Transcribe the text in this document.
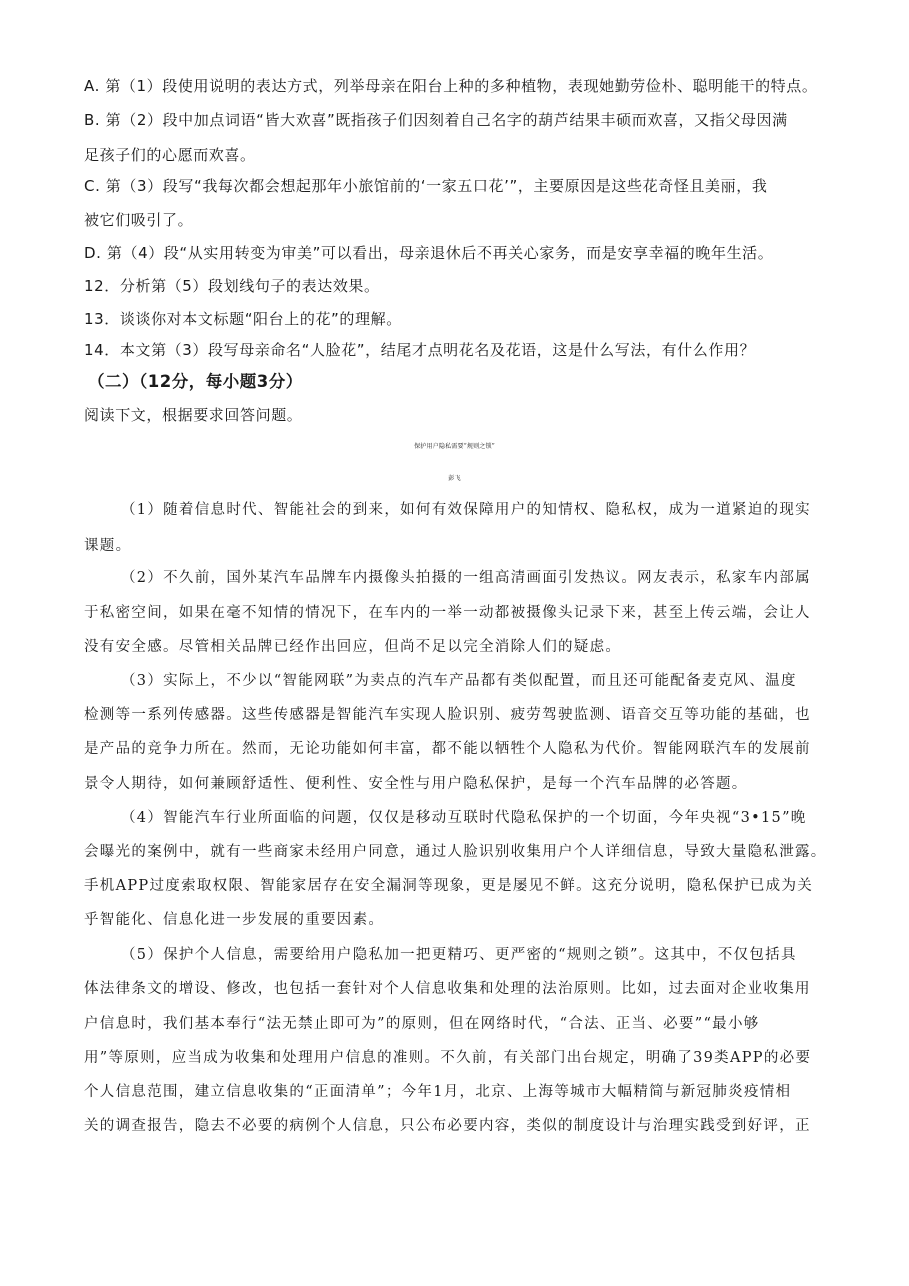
A. 第（1）段使用说明的表达方式，列举母亲在阳台上种的多种植物，表现她勤劳俭朴、聪明能干的特点。
B. 第（2）段中加点词语“皆大欢喜”既指孩子们因刻着自己名字的葫芦结果丰硕而欢喜，又指父母因满
足孩子们的心愿而欢喜。
C. 第（3）段写“我每次都会想起那年小旅馆前的‘一家五口花’”，主要原因是这些花奇怪且美丽，我
被它们吸引了。
D. 第（4）段“从实用转变为审美”可以看出，母亲退休后不再关心家务，而是安享幸福的晚年生活。
12．分析第（5）段划线句子的表达效果。
13．谈谈你对本文标题“阳台上的花”的理解。
14．本文第（3）段写母亲命名“人脸花”，结尾才点明花名及花语，这是什么写法，有什么作用？
（二）（12分，每小题3分）
阅读下文，根据要求回答问题。
保护用户隐私需要“规则之锁”
彭飞
（1）随着信息时代、智能社会的到来，如何有效保障用户的知情权、隐私权，成为一道紧迫的现实
课题。
（2）不久前，国外某汽车品牌车内摄像头拍摄的一组高清画面引发热议。网友表示，私家车内部属
于私密空间，如果在毫不知情的情况下，在车内的一举一动都被摄像头记录下来，甚至上传云端，会让人
没有安全感。尽管相关品牌已经作出回应，但尚不足以完全消除人们的疑虑。
（3）实际上，不少以“智能网联”为卖点的汽车产品都有类似配置，而且还可能配备麦克风、温度
检测等一系列传感器。这些传感器是智能汽车实现人脸识别、疲劳驾驶监测、语音交互等功能的基础，也
是产品的竞争力所在。然而，无论功能如何丰富，都不能以牺牲个人隐私为代价。智能网联汽车的发展前
景令人期待，如何兼顾舒适性、便利性、安全性与用户隐私保护，是每一个汽车品牌的必答题。
（4）智能汽车行业所面临的问题，仅仅是移动互联时代隐私保护的一个切面，今年央视“3•15”晚
会曝光的案例中，就有一些商家未经用户同意，通过人脸识别收集用户个人详细信息，导致大量隐私泄露。
手机APP过度索取权限、智能家居存在安全漏洞等现象，更是屡见不鲜。这充分说明，隐私保护已成为关
乎智能化、信息化进一步发展的重要因素。
（5）保护个人信息，需要给用户隐私加一把更精巧、更严密的“规则之锁”。这其中，不仅包括具
体法律条文的增设、修改，也包括一套针对个人信息收集和处理的法治原则。比如，过去面对企业收集用
户信息时，我们基本奉行“法无禁止即可为”的原则，但在网络时代，“合法、正当、必要”“最小够
用”等原则，应当成为收集和处理用户信息的准则。不久前，有关部门出台规定，明确了39类APP的必要
个人信息范围，建立信息收集的“正面清单”；今年1月，北京、上海等城市大幅精简与新冠肺炎疫情相
关的调查报告，隐去不必要的病例个人信息，只公布必要内容，类似的制度设计与治理实践受到好评，正
